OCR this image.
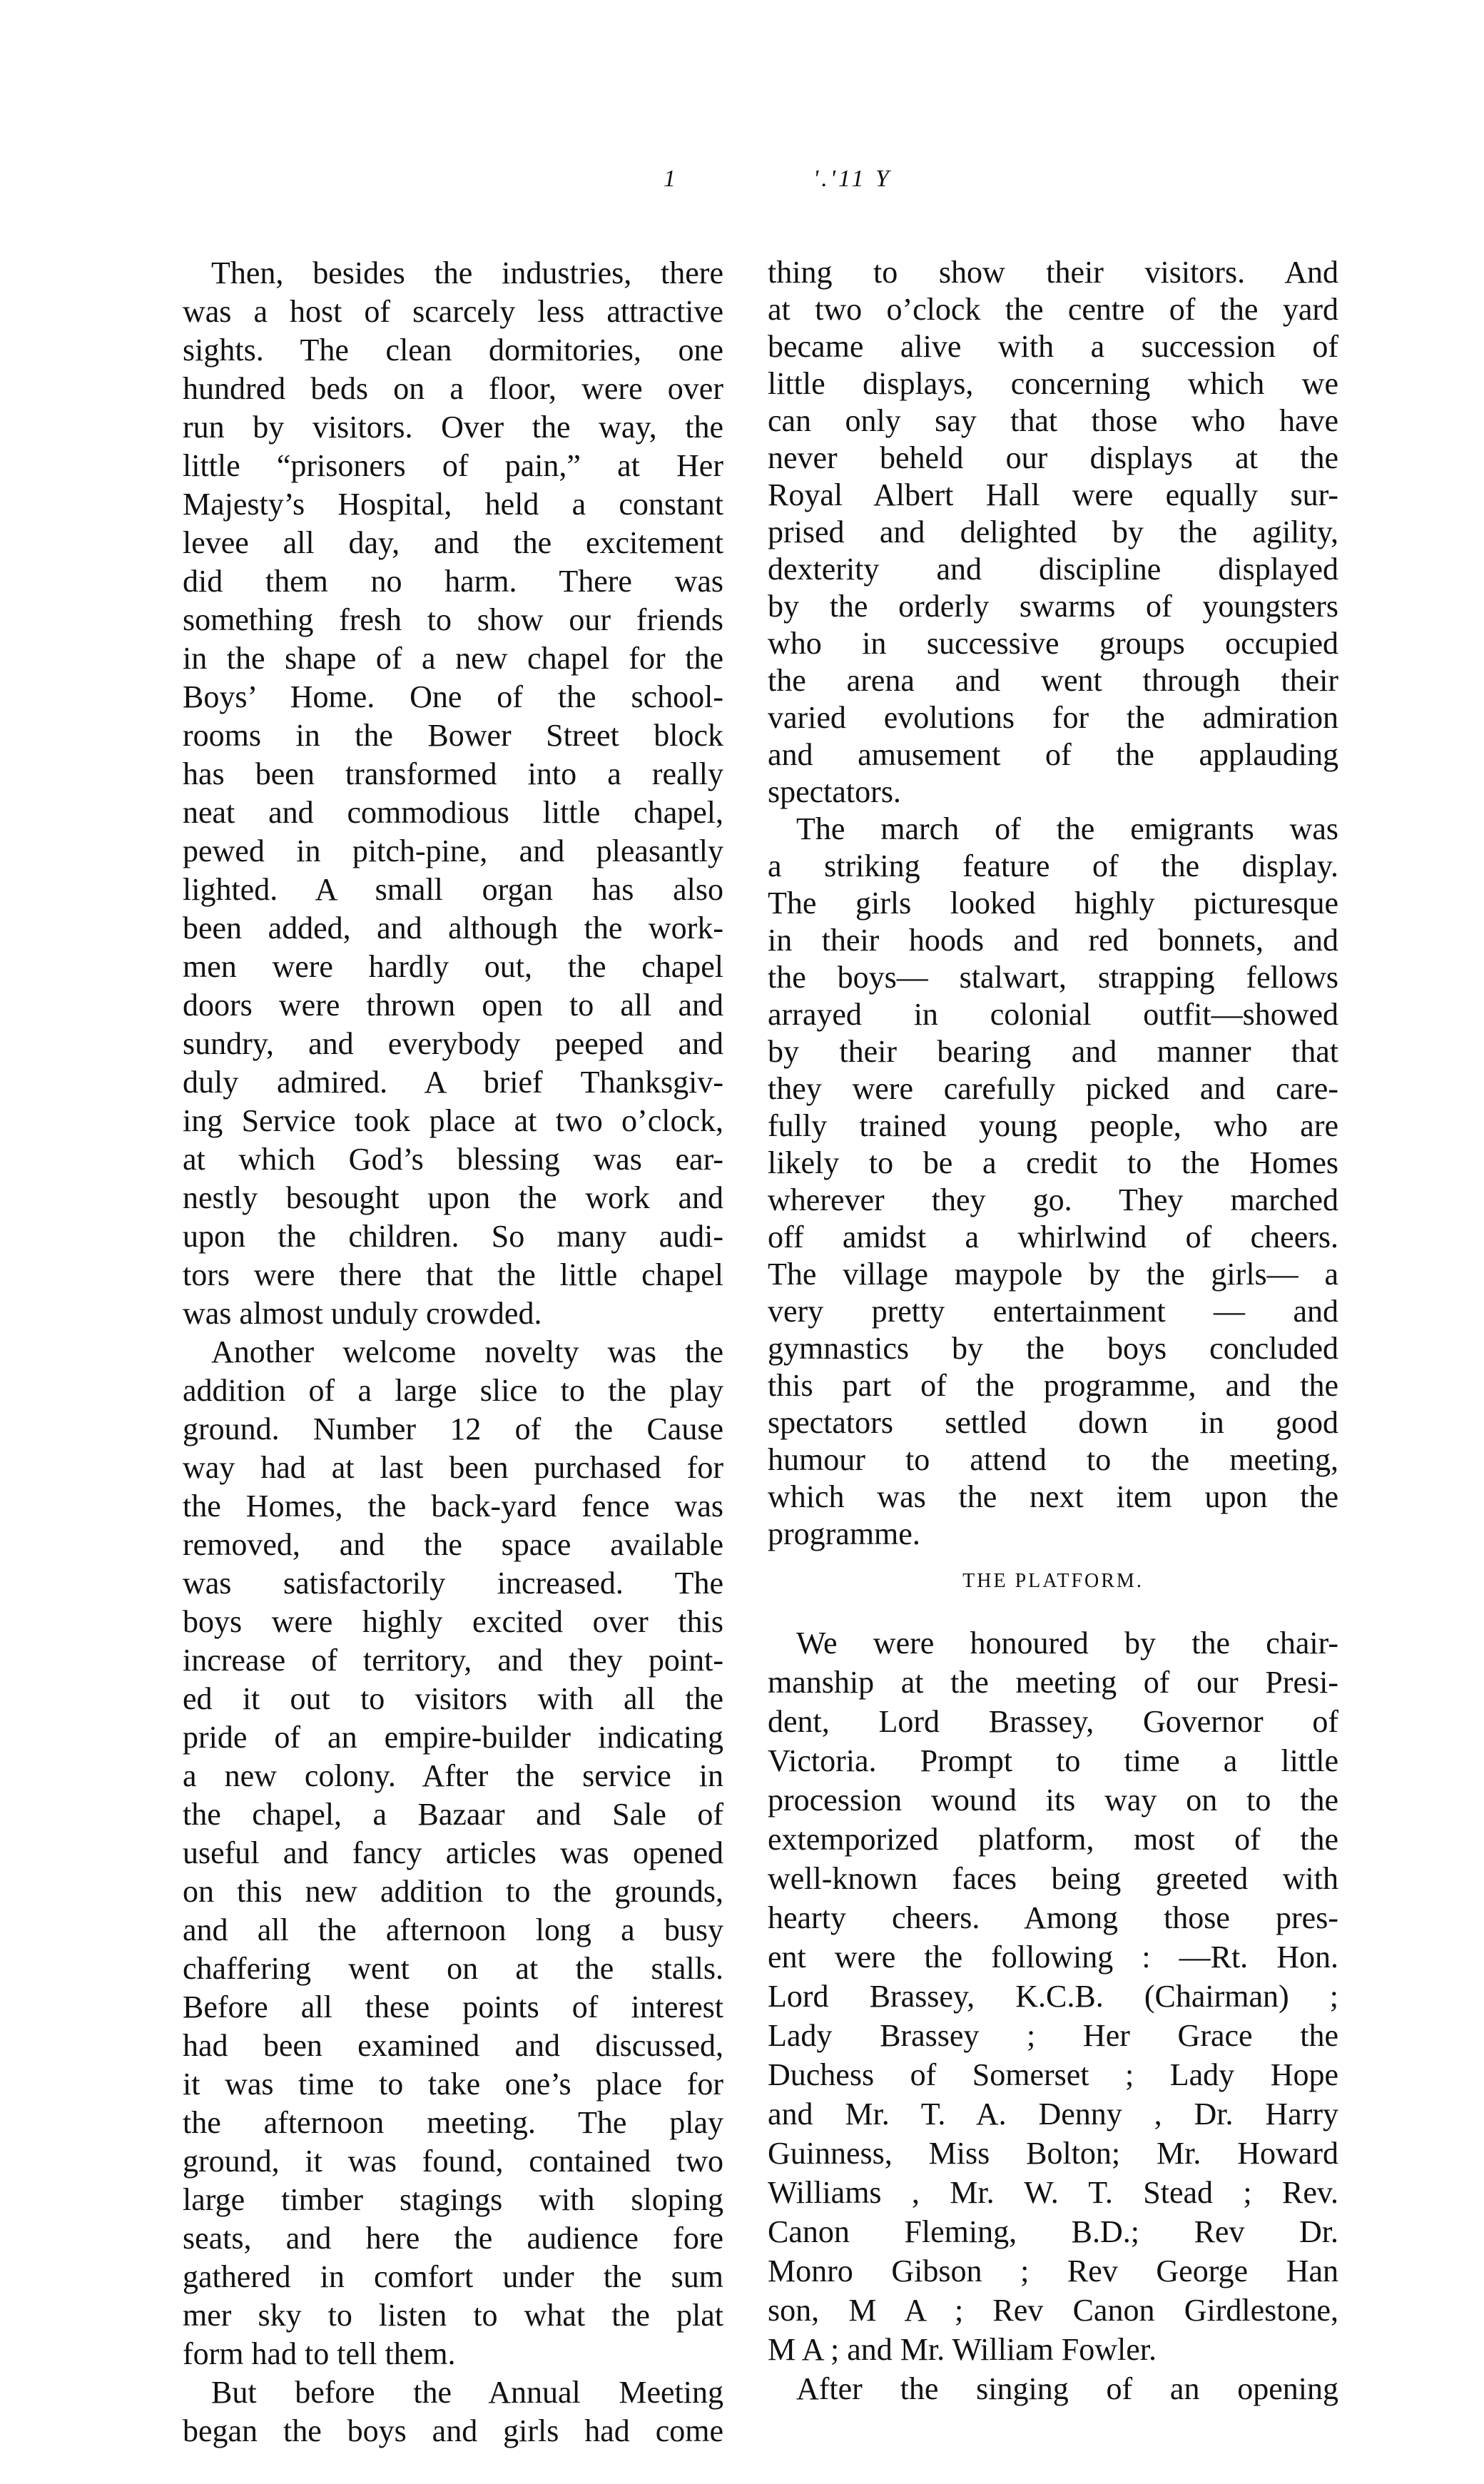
1	'.'11 Y
Then, besides the industries, there
was a host of scarcely less attractive
sights. The clean dormitories, one
hundred beds on a floor, were over
run by visitors. Over the way, the
little “prisoners of pain,” at Her
Majesty’s Hospital, held a constant
levee all day, and the excitement
did them no harm. There was
something fresh to show our friends
in the shape of a new chapel for the
Boys’ Home. One of the school-
rooms in the Bower Street block
has been transformed into a really
neat and commodious little chapel,
pewed in pitch-pine, and pleasantly
lighted. A small organ has also
been added, and although the work-
men were hardly out, the chapel
doors were thrown open to all and
sundry, and everybody peeped and
duly admired. A brief Thanksgiv-
ing Service took place at two o’clock,
at which God’s blessing was ear-
nestly besought upon the work and
upon the children. So many audi-
tors were there that the little chapel
was almost unduly crowded.
Another welcome novelty was the
addition of a large slice to the play
ground. Number 12 of the Cause
way had at last been purchased for
the Homes, the back-yard fence was
removed, and the space available
was satisfactorily increased. The
boys were highly excited over this
increase of territory, and they point-
ed it out to visitors with all the
pride of an empire-builder indicating
a new colony. After the service in
the chapel, a Bazaar and Sale of
useful and fancy articles was opened
on this new addition to the grounds,
and all the afternoon long a busy
chaffering went on at the stalls.
Before all these points of interest
had been examined and discussed,
it was time to take one’s place for
the afternoon meeting. The play
ground, it was found, contained two
large timber stagings with sloping
seats, and here the audience fore
gathered in comfort under the sum
mer sky to listen to what the plat
form had to tell them.
But before the Annual Meeting
began the boys and girls had come
thing to show their visitors. And
at two o’clock the centre of the yard
became alive with a succession of
little displays, concerning which we
can only say that those who have
never beheld our displays at the
Royal Albert Hall were equally sur-
prised and delighted by the agility,
dexterity and discipline displayed
by the orderly swarms of youngsters
who in successive groups occupied
the arena and went through their
varied evolutions for the admiration
and amusement of the applauding
spectators.
The march of the emigrants was
a striking feature of the display.
The girls looked highly picturesque
in their hoods and red bonnets, and
the boys— stalwart, strapping fellows
arrayed in colonial outfit—showed
by their bearing and manner that
they were carefully picked and care-
fully trained young people, who are
likely to be a credit to the Homes
wherever they go. They marched
off amidst a whirlwind of cheers.
The village maypole by the girls— a
very pretty entertainment — and
gymnastics by the boys concluded
this part of the programme, and the
spectators settled down in good
humour to attend to the meeting,
which was the next item upon the
programme.
THE PLATFORM.
We were honoured by the chair-
manship at the meeting of our Presi-
dent, Lord Brassey, Governor of
Victoria. Prompt to time a little
procession wound its way on to the
extemporized platform, most of the
well-known faces being greeted with
hearty cheers. Among those pres-
ent were the following : —Rt. Hon.
Lord Brassey, K.C.B. (Chairman) ;
Lady Brassey ; Her Grace the
Duchess of Somerset ; Lady Hope
and Mr. T. A. Denny , Dr. Harry
Guinness, Miss Bolton; Mr. Howard
Williams , Mr. W. T. Stead ; Rev.
Canon Fleming, B.D.; Rev Dr.
Monro Gibson ; Rev George Han
son, M A ; Rev Canon Girdlestone,
M A ; and Mr. William Fowler.
After the singing of an opening
